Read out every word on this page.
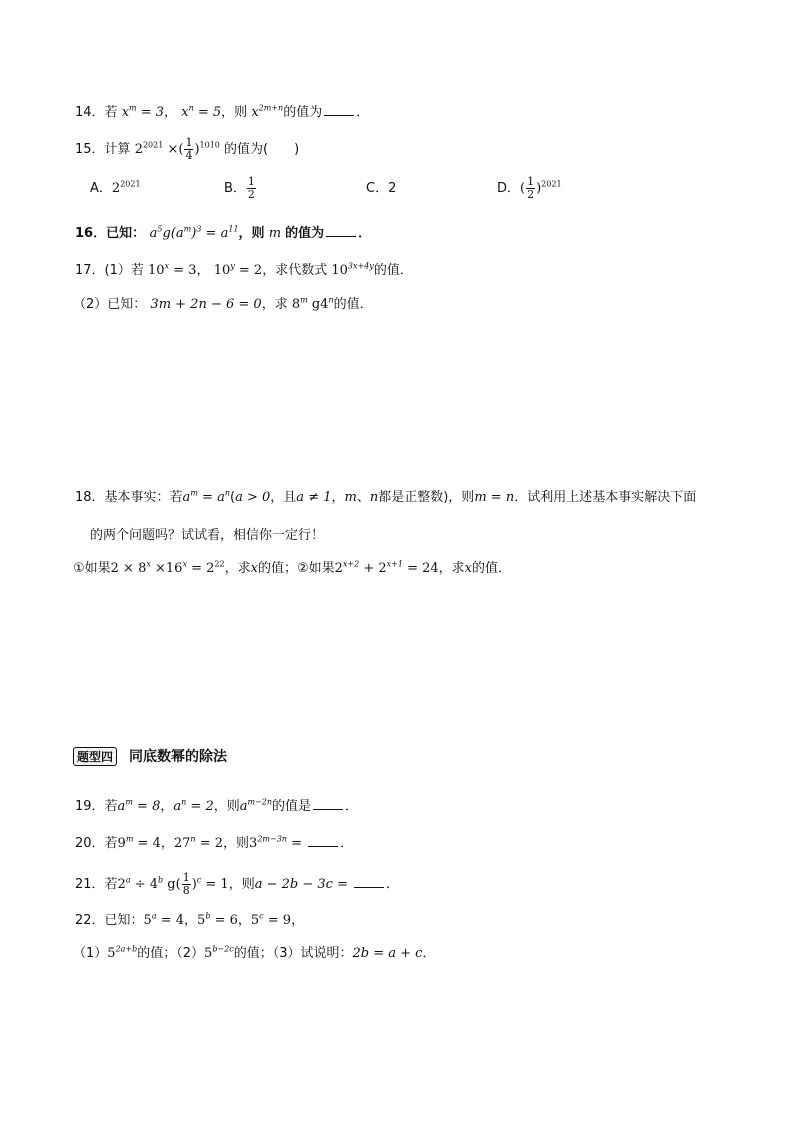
14．若 $x^m = 3$， $x^n = 5$，则 $x^{2m+n}$的值为	．
15．计算 $2^{2021}$ ×( $\frac{1}{4} )^{1010}$ 的值为(　　)
A．$2^{2021}$	B． $\frac{1}{2}$	C．2	D．( $\frac{1}{2} )^{2021}$
16．已知： $a^5g(a^m)^3 = a^{11}$，则 m 的值为	．
17．(1）若 $10^x = 3$， $10^y = 2$，求代数式 $10^{3x+4y}$的值．
（2）已知： 3m + 2n − 6 = 0，求 8$^m$ g4$^n$的值．
18．基本事实：若$a^m = a^n(a > 0$，且a ≠ 1，m、n都是正整数)，则m = n．试利用上述基本事实解决下面
的两个问题吗？试试看，相信你一定行！
①如果$2 \times 8^x \times 16^x = 2^{22}$，求x的值；②如果$2^{x+2} + 2^{x+1} = 24$，求x的值．
题型四 同底数幂的除法
19．若$a^m = 8$，$a^n = 2$，则$a^{m-2n}$的值是	．
20．若$9^m = 4$，$27^n = 2$，则$3^{2m-3n}$ =	．
21．若$2^a \div 4^b$ $g( \frac{1}{8} )^c = 1$，则a − 2b − 3c =	．
22．已知：$5^a = 4$，$5^b = 6$，$5^c = 9$，
$(1)5^{2a+b}$的值；$(2)5^{b-2c}$的值；（3）试说明：2b = a + c．
